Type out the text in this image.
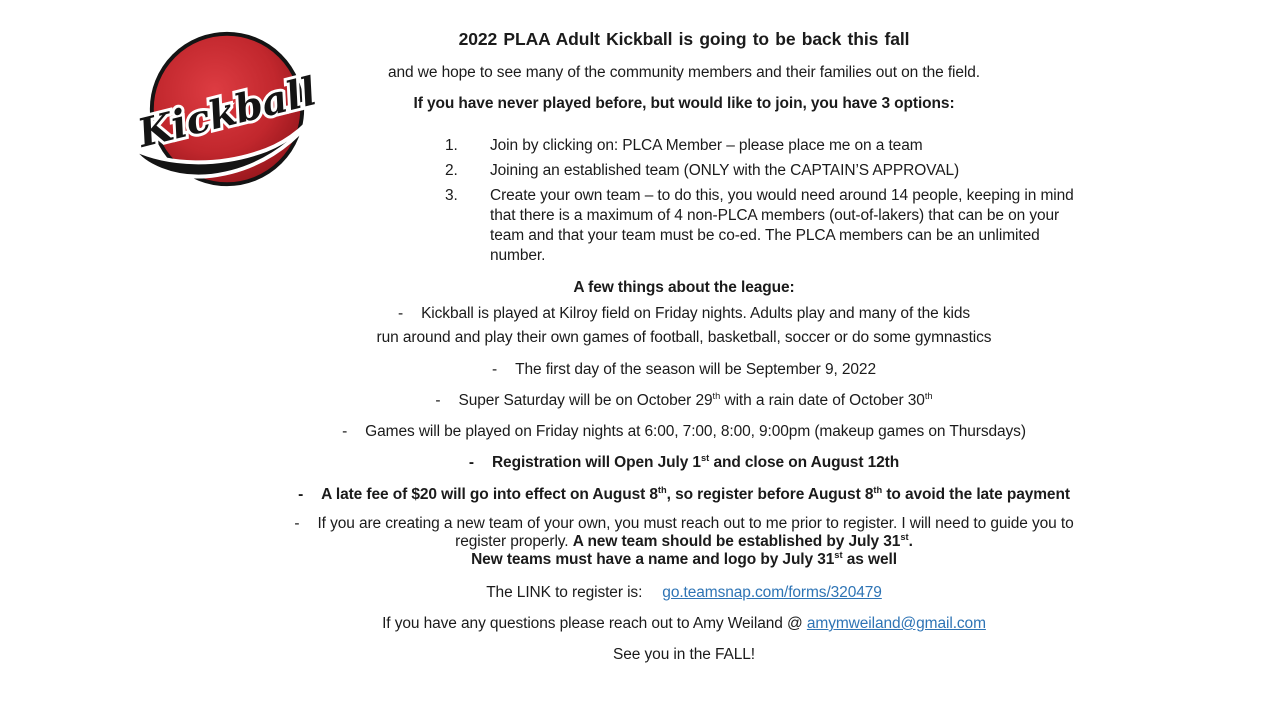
Kickball
2022 PLAA Adult Kickball is going to be back this fall
and we hope to see many of the community members and their families out on the field.
If you have never played before, but would like to join, you have 3 options:
1.	Join by clicking on: PLCA Member – please place me on a team
2.	Joining an established team (ONLY with the CAPTAIN’S APPROVAL)
3.	Create your own team – to do this, you would need around 14 people, keeping in mind that there is a maximum of 4 non-PLCA members (out-of-lakers) that can be on your team and that your team must be co-ed. The PLCA members can be an unlimited number.
A few things about the league:
- Kickball is played at Kilroy field on Friday nights. Adults play and many of the kids
run around and play their own games of football, basketball, soccer or do some gymnastics
- The first day of the season will be September 9, 2022
- Super Saturday will be on October 29th with a rain date of October 30th
- Games will be played on Friday nights at 6:00, 7:00, 8:00, 9:00pm (makeup games on Thursdays)
- Registration will Open July 1st and close on August 12th
- A late fee of $20 will go into effect on August 8th, so register before August 8th to avoid the late payment
- If you are creating a new team of your own, you must reach out to me prior to register. I will need to guide you to
register properly. A new team should be established by July 31st.
New teams must have a name and logo by July 31st as well
The LINK to register is: go.teamsnap.com/forms/320479
If you have any questions please reach out to Amy Weiland @ amymweiland@gmail.com
See you in the FALL!
